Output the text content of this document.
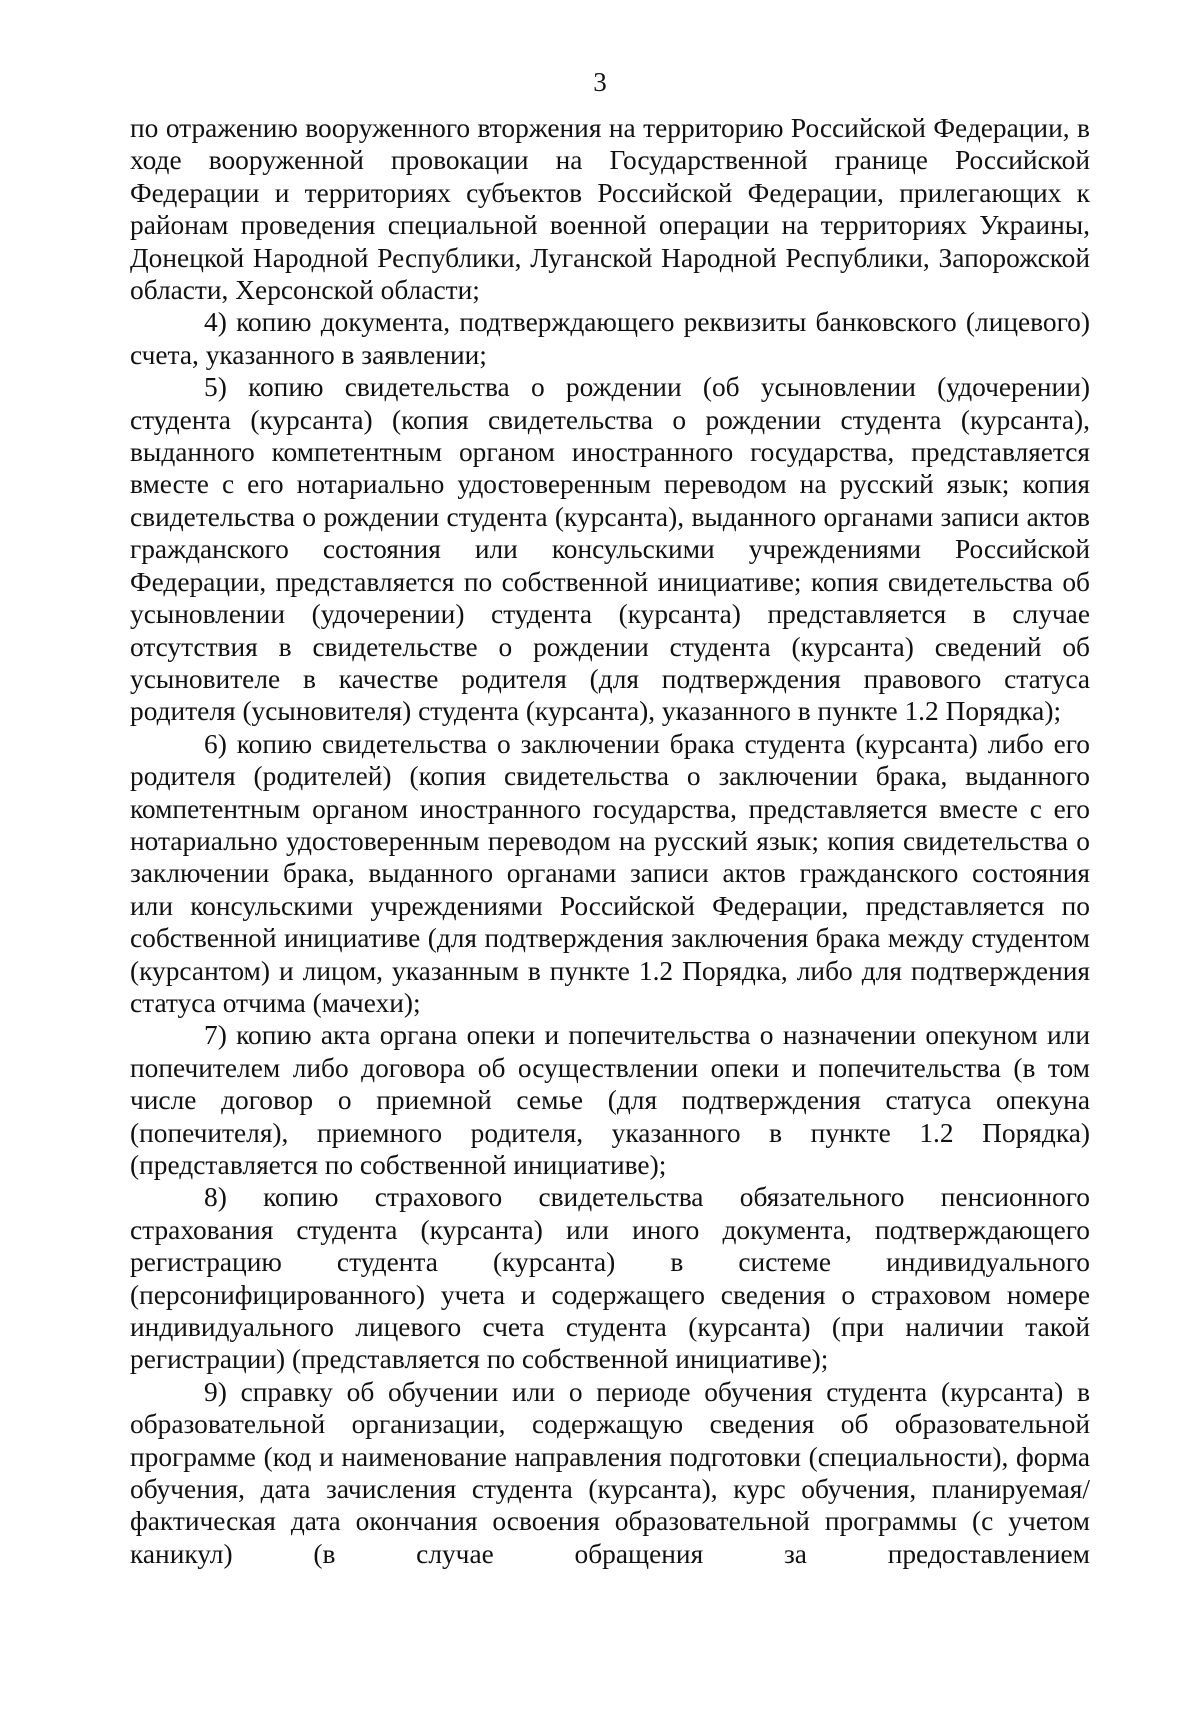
3

по отражению вооруженного вторжения на территорию Российской Федерации, в ходе вооруженной провокации на Государственной границе Российской Федерации и территориях субъектов Российской Федерации, прилегающих к районам проведения специальной военной операции на территориях Украины, Донецкой Народной Республики, Луганской Народной Республики, Запорожской области, Херсонской области;

4) копию документа, подтверждающего реквизиты банковского (лицевого) счета, указанного в заявлении;

5) копию свидетельства о рождении (об усыновлении (удочерении) студента (курсанта) (копия свидетельства о рождении студента (курсанта), выданного компетентным органом иностранного государства, представляется вместе с его нотариально удостоверенным переводом на русский язык; копия свидетельства о рождении студента (курсанта), выданного органами записи актов гражданского состояния или консульскими учреждениями Российской Федерации, представляется по собственной инициативе; копия свидетельства об усыновлении (удочерении) студента (курсанта) представляется в случае отсутствия в свидетельстве о рождении студента (курсанта) сведений об усыновителе в качестве родителя (для подтверждения правового статуса родителя (усыновителя) студента (курсанта), указанного в пункте 1.2 Порядка);

6) копию свидетельства о заключении брака студента (курсанта) либо его родителя (родителей) (копия свидетельства о заключении брака, выданного компетентным органом иностранного государства, представляется вместе с его нотариально удостоверенным переводом на русский язык; копия свидетельства о заключении брака, выданного органами записи актов гражданского состояния или консульскими учреждениями Российской Федерации, представляется по собственной инициативе (для подтверждения заключения брака между студентом (курсантом) и лицом, указанным в пункте 1.2 Порядка, либо для подтверждения статуса отчима (мачехи);

7) копию акта органа опеки и попечительства о назначении опекуном или попечителем либо договора об осуществлении опеки и попечительства (в том числе договор о приемной семье (для подтверждения статуса опекуна (попечителя), приемного родителя, указанного в пункте 1.2 Порядка) (представляется по собственной инициативе);

8) копию страхового свидетельства обязательного пенсионного страхования студента (курсанта) или иного документа, подтверждающего регистрацию студента (курсанта) в системе индивидуального (персонифицированного) учета и содержащего сведения о страховом номере индивидуального лицевого счета студента (курсанта) (при наличии такой регистрации) (представляется по собственной инициативе);

9) справку об обучении или о периоде обучения студента (курсанта) в образовательной организации, содержащую сведения об образовательной программе (код и наименование направления подготовки (специальности), форма обучения, дата зачисления студента (курсанта), курс обучения, планируемая/фактическая дата окончания освоения образовательной программы (с учетом каникул) (в случае обращения за предоставлением
